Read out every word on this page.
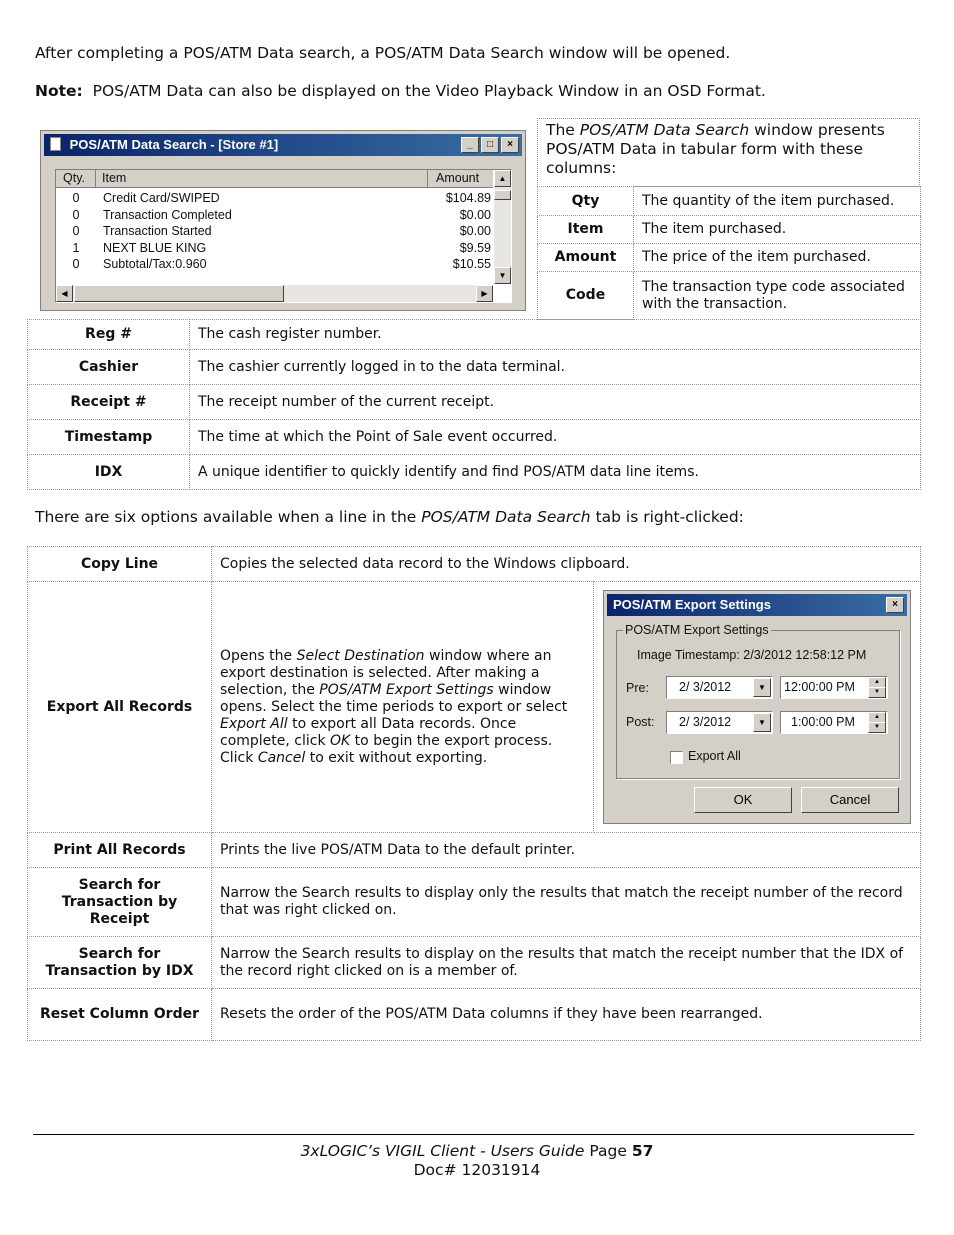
After completing a POS/ATM Data search, a POS/ATM Data Search window will be opened.
Note: POS/ATM Data can also be displayed on the Video Playback Window in an OSD Format.
POS/ATM Data Search - [Store #1]	_	□	×
Qty.	Item	Amount
0	Credit Card/SWIPED	$104.89
0	Transaction Completed	$0.00
0	Transaction Started	$0.00
1	NEXT BLUE KING	$9.59
0	Subtotal/Tax:0.960	$10.55
▲
▼
◀	▶
The POS/ATM Data Search window presents POS/ATM Data in tabular form with these columns:
Qty	The quantity of the item purchased.
Item	The item purchased.
Amount	The price of the item purchased.
Code	The transaction type code associated with the transaction.
Reg #	The cash register number.
Cashier	The cashier currently logged in to the data terminal.
Receipt #	The receipt number of the current receipt.
Timestamp	The time at which the Point of Sale event occurred.
IDX	A unique identifier to quickly identify and find POS/ATM data line items.
There are six options available when a line in the POS/ATM Data Search tab is right-clicked:
Copy Line	Copies the selected data record to the Windows clipboard.	
Export All Records	Opens the Select Destination window where an export destination is selected. After making a selection, the POS/ATM Export Settings window opens. Select the time periods to export or select Export All to export all Data records. Once complete, click OK to begin the export process. Click Cancel to exit without exporting.	
Print All Records	Prints the live POS/ATM Data to the default printer.	
Search for Transaction by Receipt	Narrow the Search results to display only the results that match the receipt number of the record that was right clicked on.	
Search for Transaction by IDX	Narrow the Search results to display on the results that match the receipt number that the IDX of the record right clicked on is a member of.	
Reset Column Order	Resets the order of the POS/ATM Data columns if they have been rearranged.	
POS/ATM Export Settings	×
POS/ATM Export Settings
Image Timestamp: 2/3/2012 12:58:12 PM
Pre: 2/ 3/2012	▼	12:00:00 PM	▲
▼
Post: 2/ 3/2012	▼	1:00:00 PM	▲
▼
Export All
OK	Cancel
3xLOGIC’s VIGIL Client - Users Guide Page 57
Doc# 12031914
